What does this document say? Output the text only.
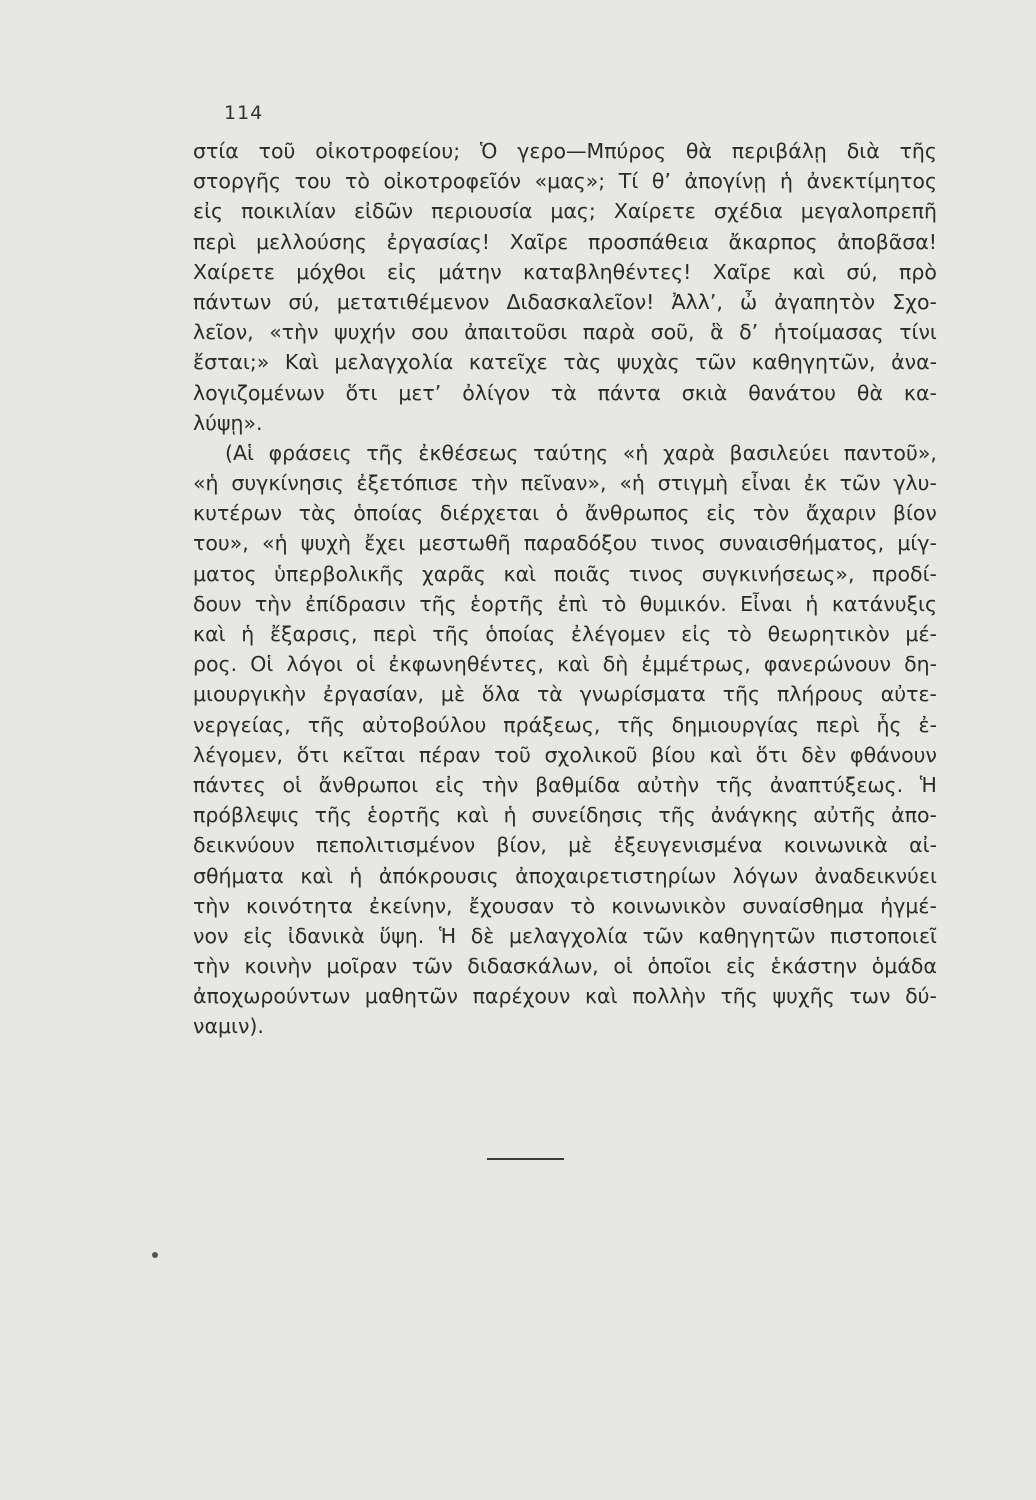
114
στία τοῦ οἰκοτροφείου; Ὁ γερο—Μπύρος θὰ περιβάλῃ διὰ τῆς
στοργῆς του τὸ οἰκοτροφεῖόν «μας»; Τί θ’ ἀπογίνῃ ἡ ἀνεκτίμητος
εἰς ποικιλίαν εἰδῶν περιουσία μας; Χαίρετε σχέδια μεγαλοπρεπῆ
περὶ μελλούσης ἐργασίας! Χαῖρε προσπάθεια ἄκαρπος ἀποβᾶσα!
Χαίρετε μόχθοι εἰς μάτην καταβληθέντες! Χαῖρε καὶ σύ, πρὸ
πάντων σύ, μετατιθέμενον Διδασκαλεῖον! Ἀλλ’, ὦ ἀγαπητὸν Σχο-
λεῖον, «τὴν ψυχήν σου ἀπαιτοῦσι παρὰ σοῦ, ἃ δ’ ἡτοίμασας τίνι
ἔσται;» Καὶ μελαγχολία κατεῖχε τὰς ψυχὰς τῶν καθηγητῶν, ἀνα-
λογιζομένων ὅτι μετ’ ὀλίγον τὰ πάντα σκιὰ θανάτου θὰ κα-
λύψῃ».
(Αἱ φράσεις τῆς ἐκθέσεως ταύτης «ἡ χαρὰ βασιλεύει παντοῦ»,
«ἡ συγκίνησις ἐξετόπισε τὴν πεῖναν», «ἡ στιγμὴ εἶναι ἐκ τῶν γλυ-
κυτέρων τὰς ὁποίας διέρχεται ὁ ἄνθρωπος εἰς τὸν ἄχαριν βίον
του», «ἡ ψυχὴ ἔχει μεστωθῆ παραδόξου τινος συναισθήματος, μίγ-
ματος ὑπερβολικῆς χαρᾶς καὶ ποιᾶς τινος συγκινήσεως», προδί-
δουν τὴν ἐπίδρασιν τῆς ἑορτῆς ἐπὶ τὸ θυμικόν. Εἶναι ἡ κατάνυξις
καὶ ἡ ἔξαρσις, περὶ τῆς ὁποίας ἐλέγομεν εἰς τὸ θεωρητικὸν μέ-
ρος. Οἱ λόγοι οἱ ἐκφωνηθέντες, καὶ δὴ ἐμμέτρως, φανερώνουν δη-
μιουργικὴν ἐργασίαν, μὲ ὅλα τὰ γνωρίσματα τῆς πλήρους αὐτε-
νεργείας, τῆς αὐτοβούλου πράξεως, τῆς δημιουργίας περὶ ἧς ἐ-
λέγομεν, ὅτι κεῖται πέραν τοῦ σχολικοῦ βίου καὶ ὅτι δὲν φθάνουν
πάντες οἱ ἄνθρωποι εἰς τὴν βαθμίδα αὐτὴν τῆς ἀναπτύξεως. Ἡ
πρόβλεψις τῆς ἑορτῆς καὶ ἡ συνείδησις τῆς ἀνάγκης αὐτῆς ἀπο-
δεικνύουν πεπολιτισμένον βίον, μὲ ἐξευγενισμένα κοινωνικὰ αἰ-
σθήματα καὶ ἡ ἀπόκρουσις ἀποχαιρετιστηρίων λόγων ἀναδεικνύει
τὴν κοινότητα ἐκείνην, ἔχουσαν τὸ κοινωνικὸν συναίσθημα ἠγμέ-
νον εἰς ἰδανικὰ ὕψη. Ἡ δὲ μελαγχολία τῶν καθηγητῶν πιστοποιεῖ
τὴν κοινὴν μοῖραν τῶν διδασκάλων, οἱ ὁποῖοι εἰς ἑκάστην ὁμάδα
ἀποχωρούντων μαθητῶν παρέχουν καὶ πολλὴν τῆς ψυχῆς των δύ-
ναμιν).
